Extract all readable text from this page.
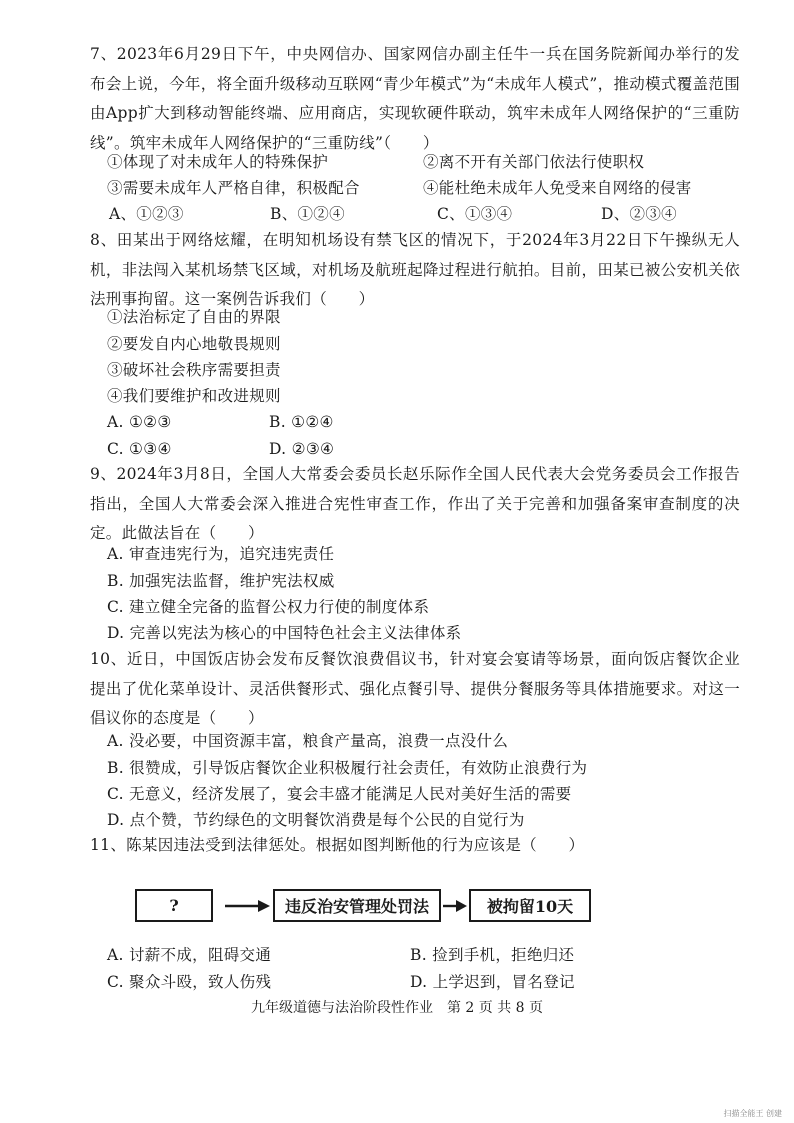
7、2023年6月29日下午，中央网信办、国家网信办副主任牛一兵在国务院新闻办举行的发布会上说，今年，将全面升级移动互联网“青少年模式”为“未成年人模式”，推动模式覆盖范围由App扩大到移动智能终端、应用商店，实现软硬件联动，筑牢未成年人网络保护的“三重防线”。筑牢未成年人网络保护的“三重防线”（　　）

①体现了对未成年人的特殊保护	②离不开有关部门依法行使职权
③需要未成年人严格自律，积极配合	④能杜绝未成年人免受来自网络的侵害
A、①②③	B、①②④	C、①③④	D、②③④

8、田某出于网络炫耀，在明知机场设有禁飞区的情况下，于2024年3月22日下午操纵无人机，非法闯入某机场禁飞区域，对机场及航班起降过程进行航拍。目前，田某已被公安机关依法刑事拘留。这一案例告诉我们（　　）

①法治标定了自由的界限
②要发自内心地敬畏规则
③破坏社会秩序需要担责
④我们要维护和改进规则
A. ①②③	B. ①②④
C. ①③④	D. ②③④

9、2024年3月8日，全国人大常委会委员长赵乐际作全国人民代表大会党务委员会工作报告指出，全国人大常委会深入推进合宪性审查工作，作出了关于完善和加强备案审查制度的决定。此做法旨在（　　）

A. 审查违宪行为，追究违宪责任
B. 加强宪法监督，维护宪法权威
C. 建立健全完备的监督公权力行使的制度体系
D. 完善以宪法为核心的中国特色社会主义法律体系

10、近日，中国饭店协会发布反餐饮浪费倡议书，针对宴会宴请等场景，面向饭店餐饮企业提出了优化菜单设计、灵活供餐形式、强化点餐引导、提供分餐服务等具体措施要求。对这一倡议你的态度是（　　）

A. 没必要，中国资源丰富，粮食产量高，浪费一点没什么
B. 很赞成，引导饭店餐饮企业积极履行社会责任，有效防止浪费行为
C. 无意义，经济发展了，宴会丰盛才能满足人民对美好生活的需要
D. 点个赞，节约绿色的文明餐饮消费是每个公民的自觉行为

11、陈某因违法受到法律惩处。根据如图判断他的行为应该是（　　）

?	违反治安管理处罚法	被拘留10天
A. 讨薪不成，阻碍交通	B. 捡到手机，拒绝归还
C. 聚众斗殴，致人伤残	D. 上学迟到，冒名登记
九年级道德与法治阶段性作业　第 2 页 共 8 页
扫描全能王 创建
